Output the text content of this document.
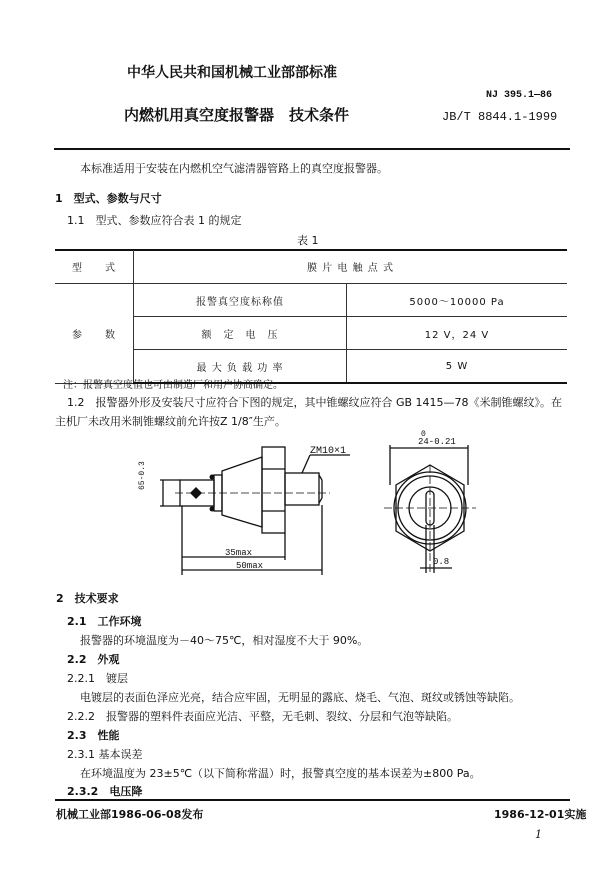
中华人民共和国机械工业部部标准
NJ 395.1—86
内燃机用真空度报警器　技术条件	JB/T 8844.1-1999
本标准适用于安装在内燃机空气滤清器管路上的真空度报警器。
1　型式、参数与尺寸
1.1　型式、参数应符合表 1 的规定
表 1
型　　式	膜 片 电 触 点 式	
参　　数	报警真空度标称值	5000～10000 Pa
	额　定　电　压	12 V，24 V
	最 大 负 载 功 率	5 W
注：报警真空度值也可由制造厂和用户协商确定。
1.2　报警器外形及安装尺寸应符合下图的规定，其中锥螺纹应符合 GB 1415—78《米制锥螺纹》。在
主机厂未改用米制锥螺纹前允许按Z 1/8″生产。
ZM10×1
35max
50max
65-0.3
0
24-0.21
0.8
2　技术要求
2.1　工作环境
报警器的环境温度为－40～75℃，相对湿度不大于 90%。
2.2　外观
2.2.1　镀层
电镀层的表面色泽应光亮，结合应牢固，无明显的露底、烧毛、气泡、斑纹或锈蚀等缺陷。
2.2.2　报警器的塑料件表面应光洁、平整，无毛刺、裂纹、分层和气泡等缺陷。
2.3　性能
2.3.1 基本误差
在环境温度为 23±5℃（以下简称常温）时，报警真空度的基本误差为±800 Pa。
2.3.2　电压降
机械工业部1986-06-08发布	1986-12-01实施
1
